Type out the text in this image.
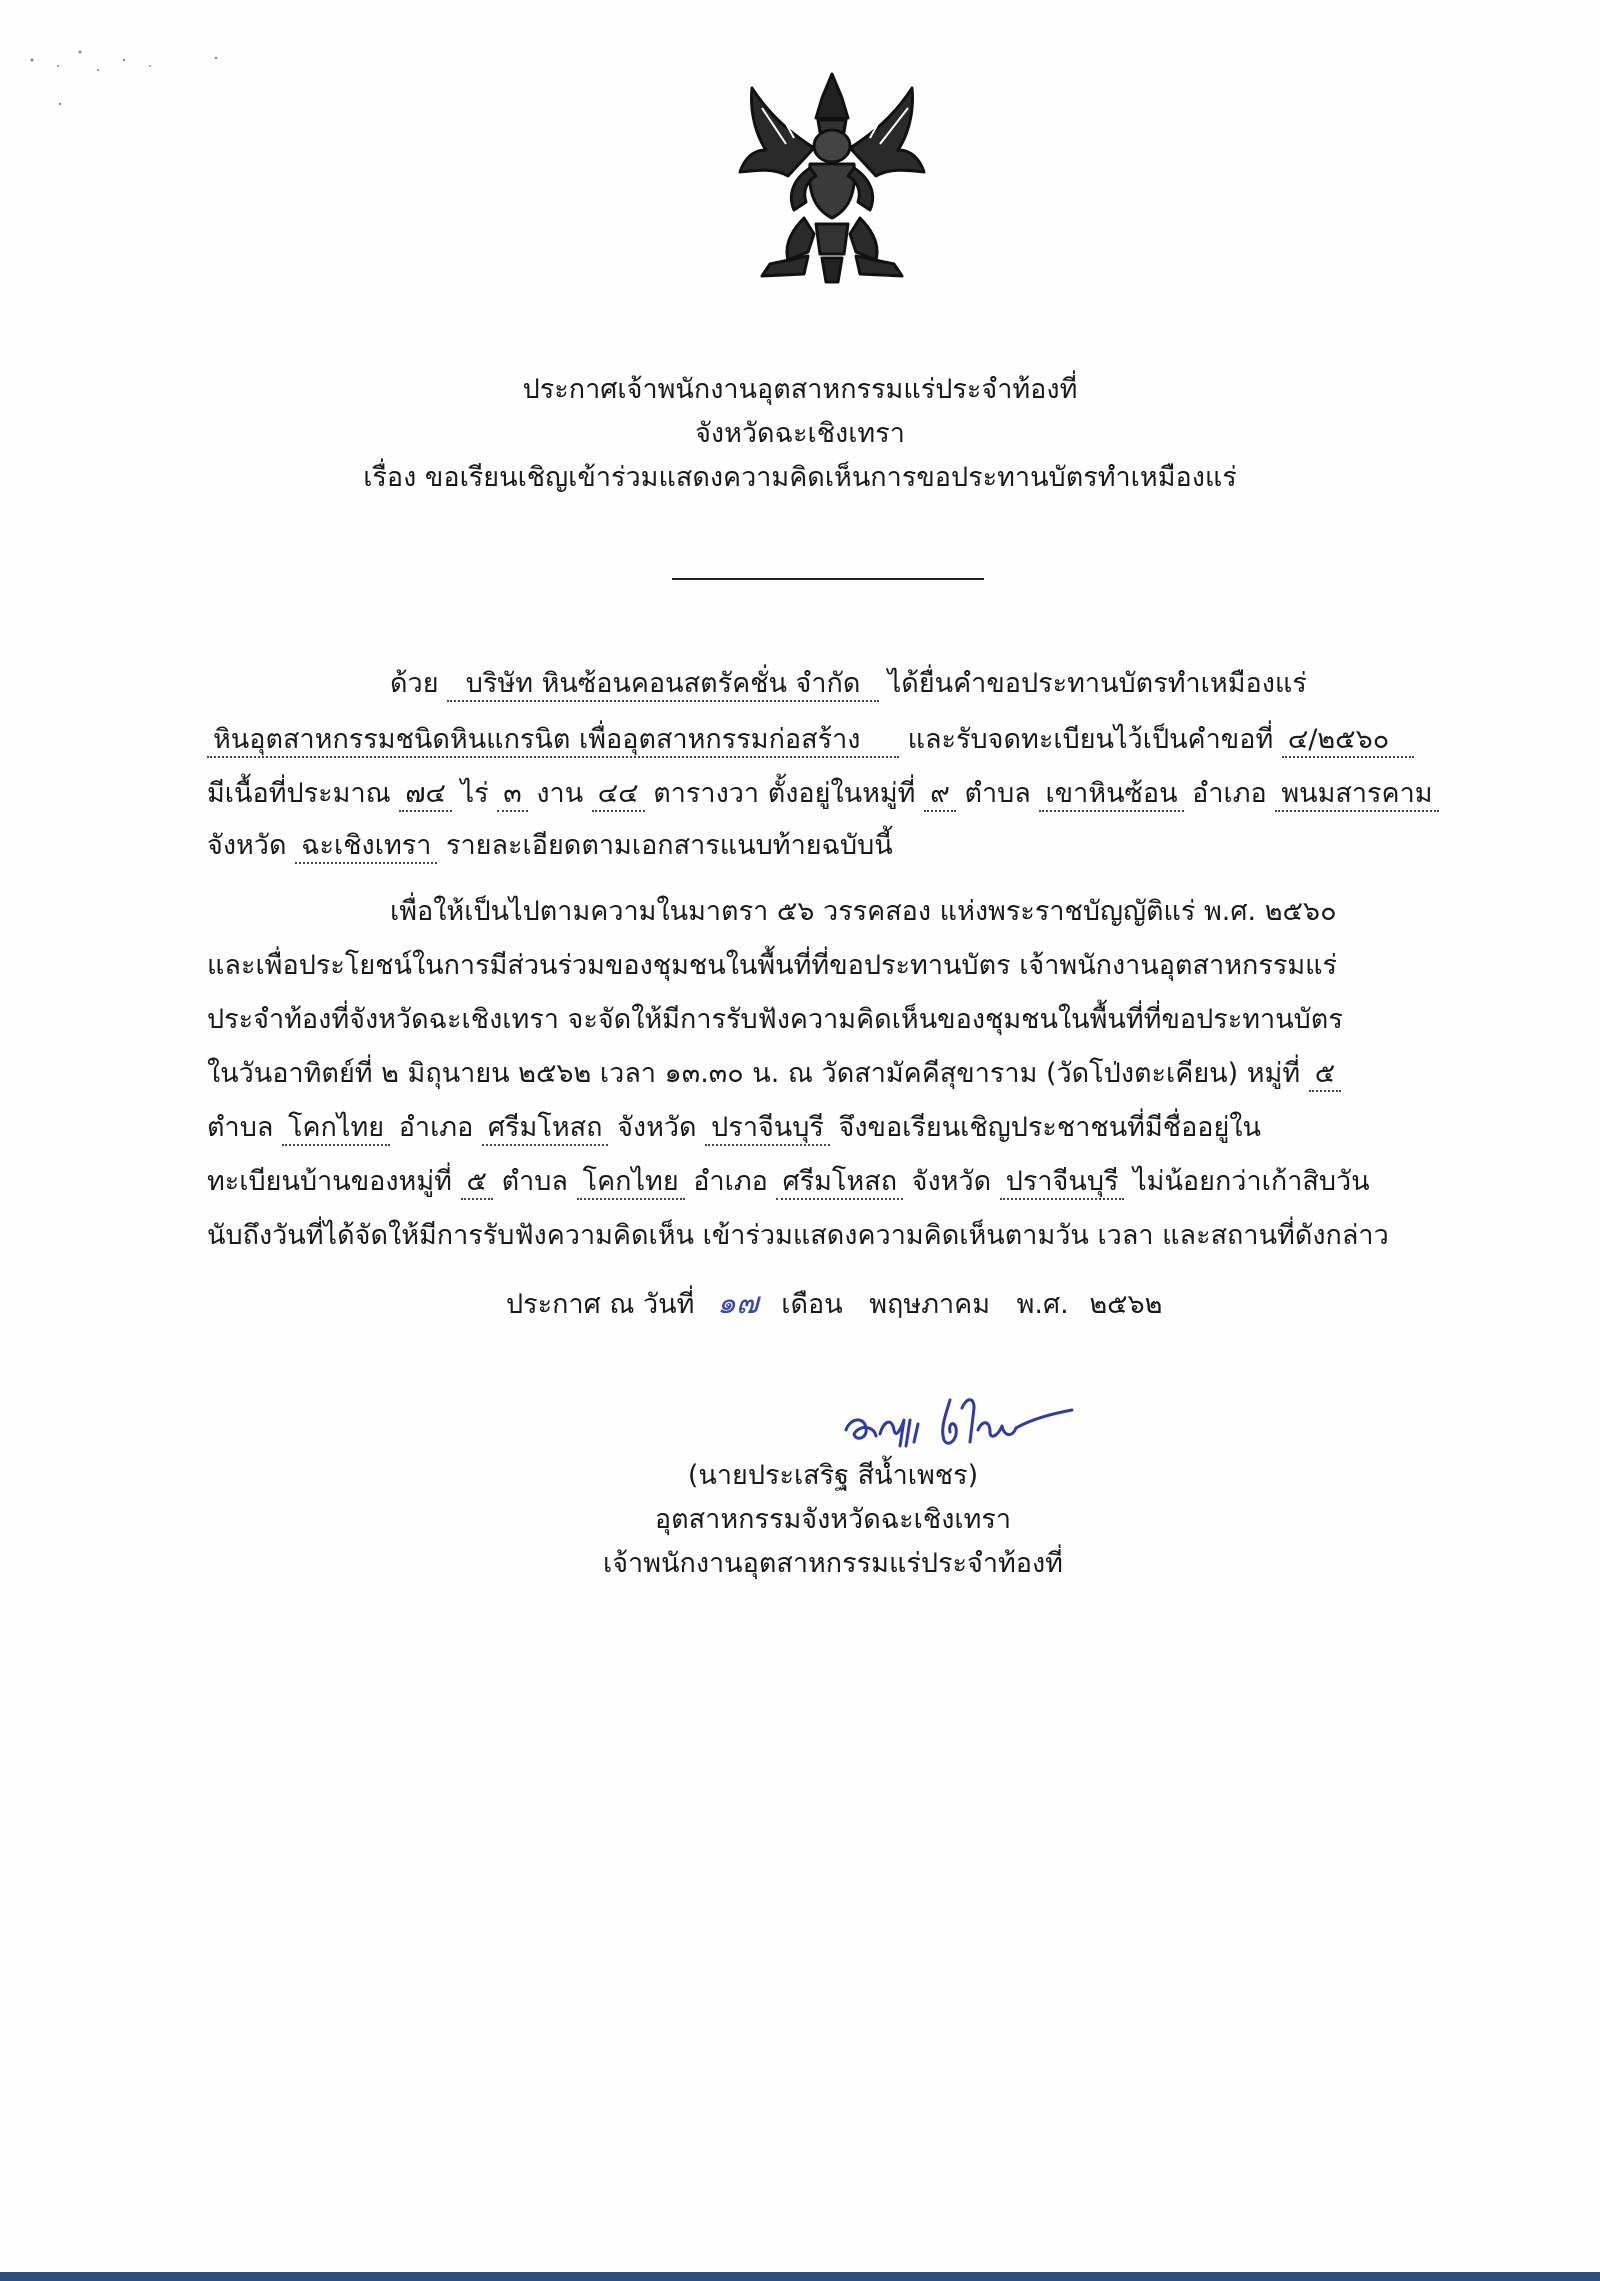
ประกาศเจ้าพนักงานอุตสาหกรรมแร่ประจำท้องที่
จังหวัดฉะเชิงเทรา
เรื่อง ขอเรียนเชิญเข้าร่วมแสดงความคิดเห็นการขอประทานบัตรทำเหมืองแร่
ด้วย บริษัท หินซ้อนคอนสตรัคชั่น จำกัด ได้ยื่นคำขอประทานบัตรทำเหมืองแร่
หินอุตสาหกรรมชนิดหินแกรนิต เพื่ออุตสาหกรรมก่อสร้าง และรับจดทะเบียนไว้เป็นคำขอที่ ๔/๒๕๖๐
มีเนื้อที่ประมาณ ๗๔ ไร่ ๓ งาน ๔๔ ตารางวา ตั้งอยู่ในหมู่ที่ ๙ ตำบล เขาหินซ้อน อำเภอ พนมสารคาม
จังหวัด ฉะเชิงเทรา รายละเอียดตามเอกสารแนบท้ายฉบับนี้
เพื่อให้เป็นไปตามความในมาตรา ๕๖ วรรคสอง แห่งพระราชบัญญัติแร่ พ.ศ. ๒๕๖๐
และเพื่อประโยชน์ในการมีส่วนร่วมของชุมชนในพื้นที่ที่ขอประทานบัตร เจ้าพนักงานอุตสาหกรรมแร่
ประจำท้องที่จังหวัดฉะเชิงเทรา จะจัดให้มีการรับฟังความคิดเห็นของชุมชนในพื้นที่ที่ขอประทานบัตร
ในวันอาทิตย์ที่ ๒ มิถุนายน ๒๕๖๒ เวลา ๑๓.๓๐ น. ณ วัดสามัคคีสุขาราม (วัดโป่งตะเคียน) หมู่ที่ ๕
ตำบล โคกไทย อำเภอ ศรีมโหสถ จังหวัด ปราจีนบุรี จึงขอเรียนเชิญประชาชนที่มีชื่ออยู่ใน
ทะเบียนบ้านของหมู่ที่ ๕ ตำบล โคกไทย อำเภอ ศรีมโหสถ จังหวัด ปราจีนบุรี ไม่น้อยกว่าเก้าสิบวัน
นับถึงวันที่ได้จัดให้มีการรับฟังความคิดเห็น เข้าร่วมแสดงความคิดเห็นตามวัน เวลา และสถานที่ดังกล่าว
ประกาศ ณ วันที่ ๑๗ เดือน พฤษภาคม พ.ศ. ๒๕๖๒
(นายประเสริฐ สีน้ำเพชร)
อุตสาหกรรมจังหวัดฉะเชิงเทรา
เจ้าพนักงานอุตสาหกรรมแร่ประจำท้องที่
